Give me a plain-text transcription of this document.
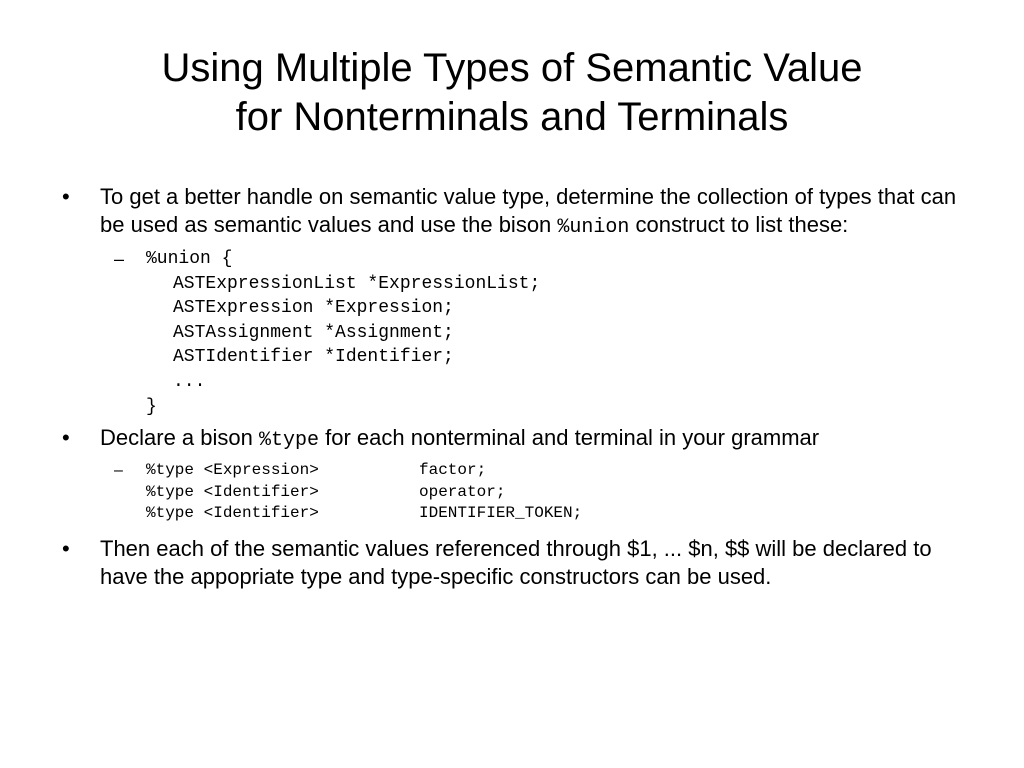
Using Multiple Types of Semantic Value
for Nonterminals and Terminals
• To get a better handle on semantic value type, determine the collection of types that can be used as semantic values and use the bison %union construct to list these:
– %union {
ASTExpressionList *ExpressionList;
ASTExpression *Expression;
ASTAssignment *Assignment;
ASTIdentifier *Identifier;
...
}
• Declare a bison %type for each nonterminal and terminal in your grammar
– %type <Expression>	factor;
%type <Identifier>	operator;
%type <Identifier>	IDENTIFIER_TOKEN;
• Then each of the semantic values referenced through $1, ... $n, $$ will be declared to have the appopriate type and type-specific constructors can be used.
